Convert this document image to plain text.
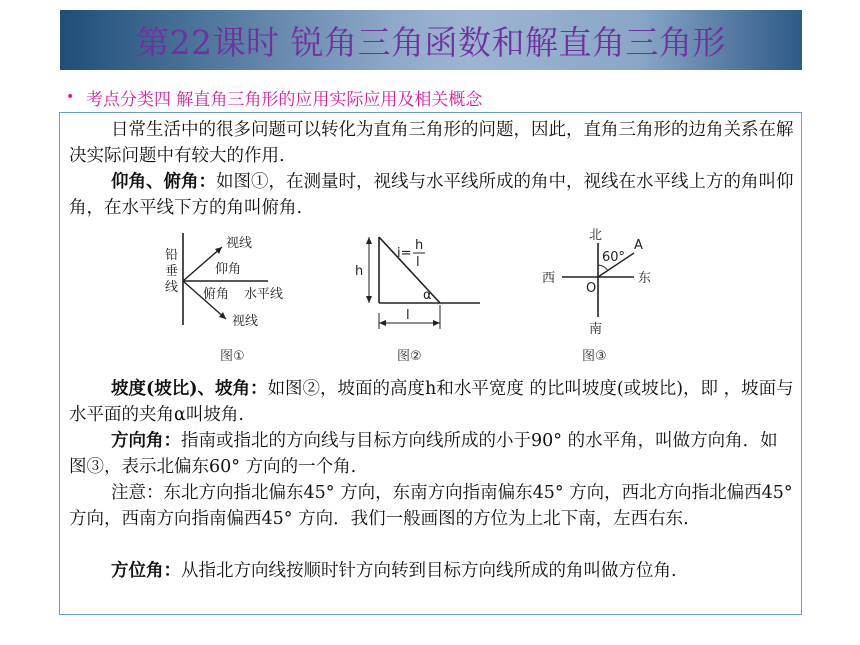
第22课时 锐角三角函数和解直角三角形
• 考点分类四 解直角三角形的应用实际应用及相关概念
日常生活中的很多问题可以转化为直角三角形的问题，因此，直角三角形的边角关系在解决实际问题中有较大的作用.
仰角、俯角：如图①，在测量时，视线与水平线所成的角中，视线在水平线上方的角叫仰角，在水平线下方的角叫俯角.
铅
垂
线
视线
仰角
俯角 水平线
视线
图①
i=
h
l
h
α
l
图②
北
南
东
西
O
A
60°
图③
坡度(坡比)、坡角：如图②，坡面的高度h和水平宽度 的比叫坡度(或坡比)，即 ，坡面与水平面的夹角α叫坡角.
方向角：指南或指北的方向线与目标方向线所成的小于90° 的水平角，叫做方向角．如图③，表示北偏东60° 方向的一个角.
注意：东北方向指北偏东45° 方向，东南方向指南偏东45° 方向，西北方向指北偏西45° 方向，西南方向指南偏西45° 方向．我们一般画图的方位为上北下南，左西右东.
方位角：从指北方向线按顺时针方向转到目标方向线所成的角叫做方位角.
